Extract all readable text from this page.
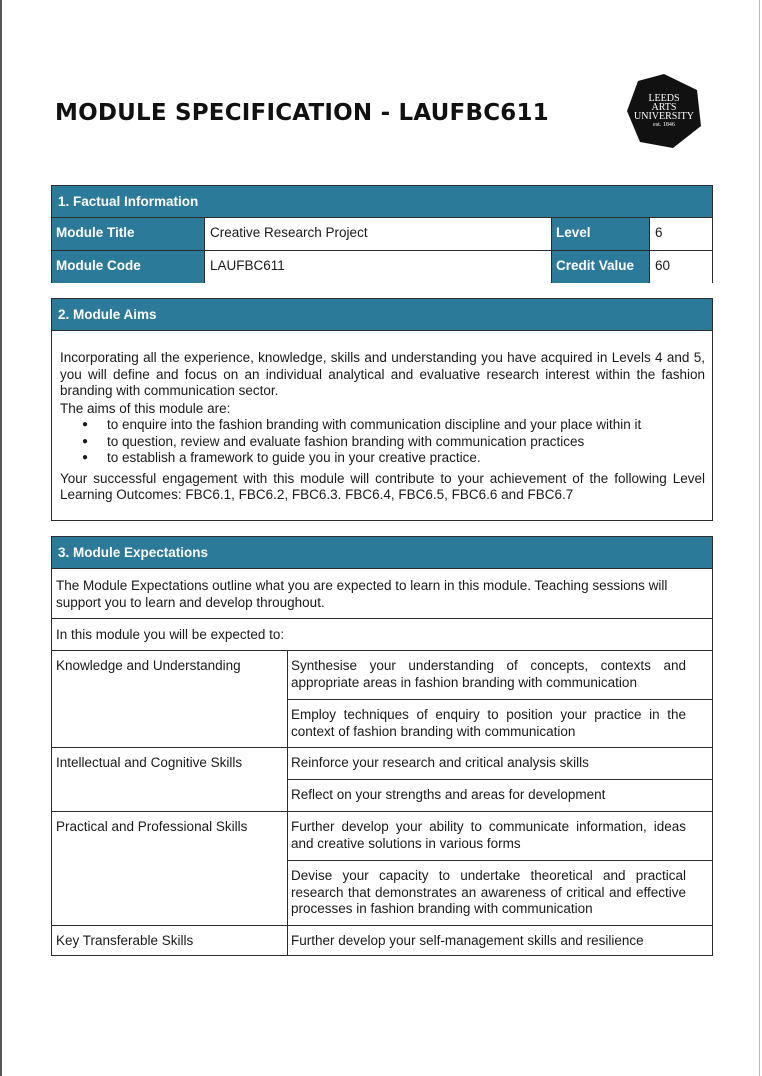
MODULE SPECIFICATION - LAUFBC611
LEEDS
ARTS
UNIVERSITY
est. 1846
1. Factual Information
Module Title	Creative Research Project	Level	6
Module Code	LAUFBC611	Credit Value	60
2. Module Aims

Incorporating all the experience, knowledge, skills and understanding you have acquired in Levels 4 and 5, you will define and focus on an individual analytical and evaluative research interest within the fashion branding with communication sector.

The aims of this module are:

● to enquire into the fashion branding with communication discipline and your place within it
● to question, review and evaluate fashion branding with communication practices
● to establish a framework to guide you in your creative practice.

Your successful engagement with this module will contribute to your achievement of the following Level Learning Outcomes: FBC6.1, FBC6.2, FBC6.3. FBC6.4, FBC6.5, FBC6.6 and FBC6.7

3. Module Expectations
The Module Expectations outline what you are expected to learn in this module. Teaching sessions will support you to learn and develop throughout.
In this module you will be expected to:
Knowledge and Understanding	Synthesise your understanding of concepts, contexts and appropriate areas in fashion branding with communication
Employ techniques of enquiry to position your practice in the context of fashion branding with communication
Intellectual and Cognitive Skills	Reinforce your research and critical analysis skills
Reflect on your strengths and areas for development
Practical and Professional Skills	Further develop your ability to communicate information, ideas and creative solutions in various forms
Devise your capacity to undertake theoretical and practical research that demonstrates an awareness of critical and effective processes in fashion branding with communication
Key Transferable Skills	Further develop your self-management skills and resilience
